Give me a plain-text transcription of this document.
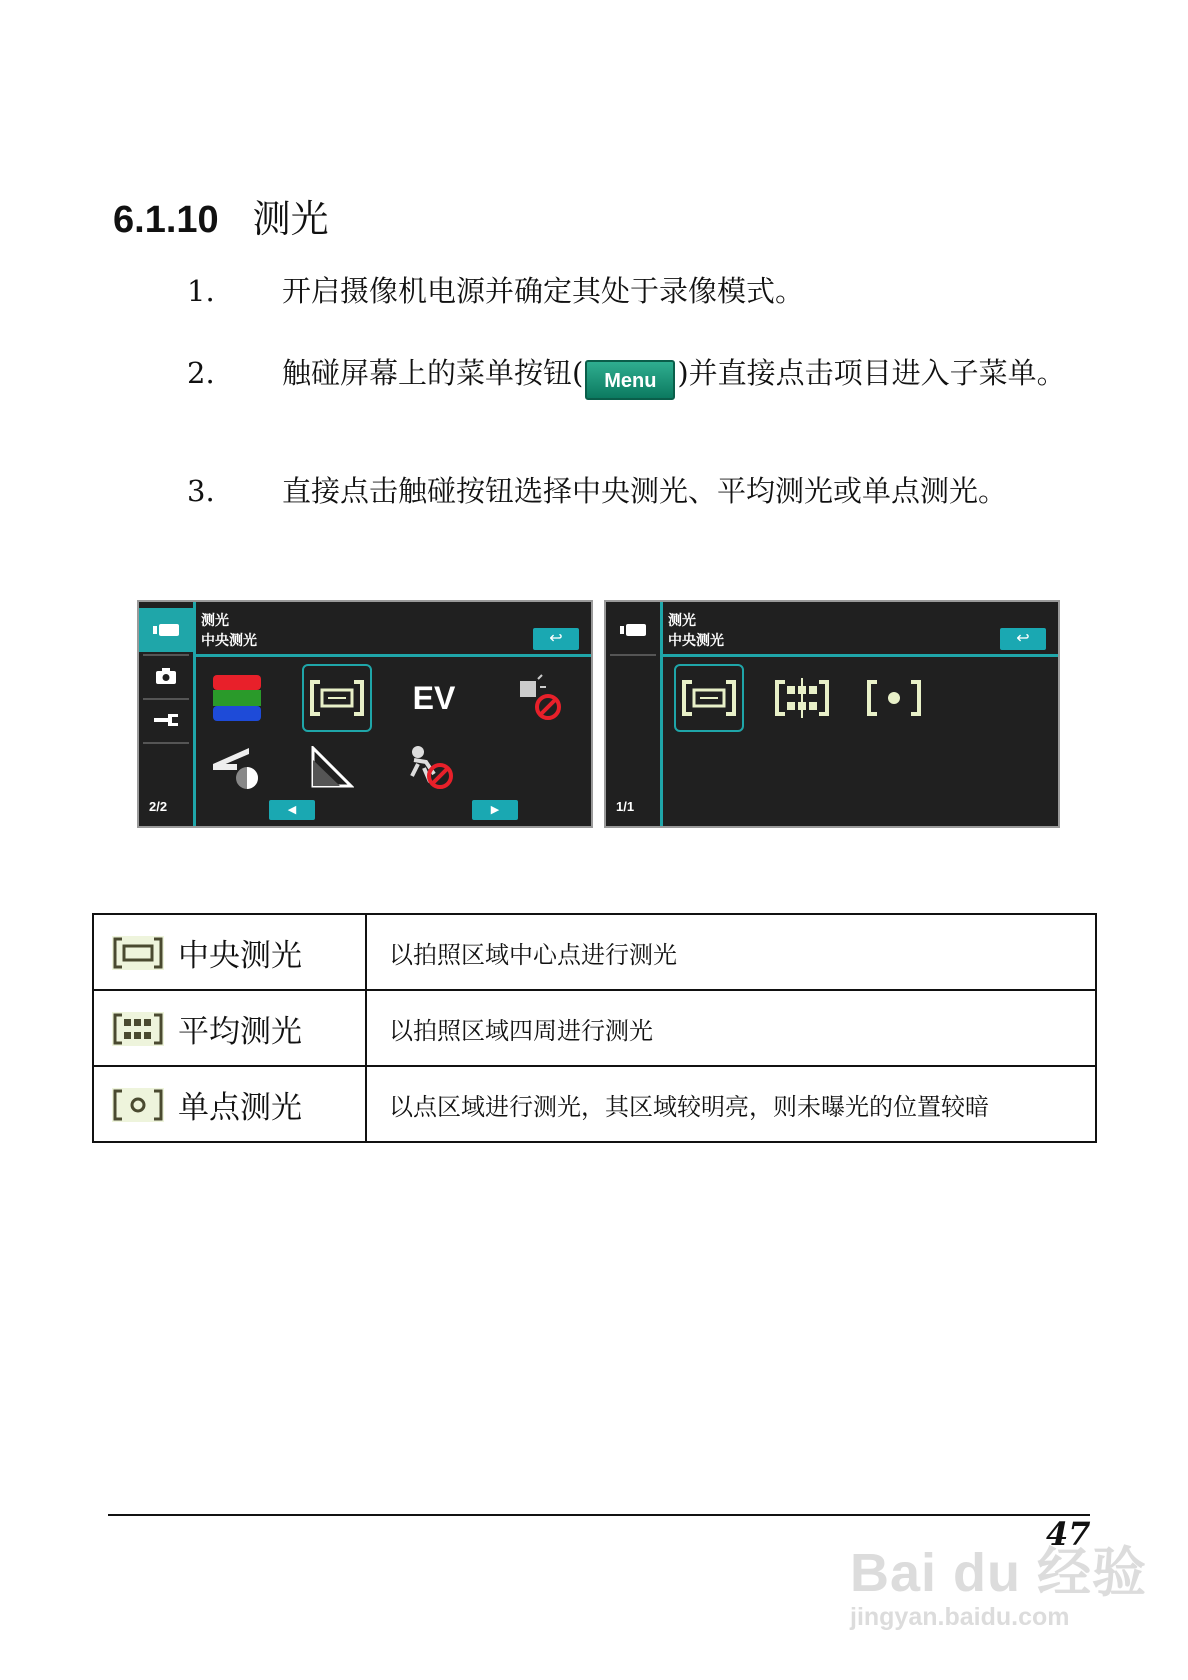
6.1.10 测光
1. 开启摄像机电源并确定其处于录像模式。
2. 触碰屏幕上的菜单按钮( Menu )并直接点击项目进入子菜单。
3. 直接点击触碰按钮选择中央测光、平均测光或单点测光。
2/2
测光
中央测光	↩
EV
◀	▶	1/1
测光
中央测光	↩
中央测光	以拍照区域中心点进行测光
平均测光	以拍照区域四周进行测光
单点测光	以点区域进行测光，其区域较明亮，则未曝光的位置较暗
47
Bai du 经验
jingyan.baidu.com
